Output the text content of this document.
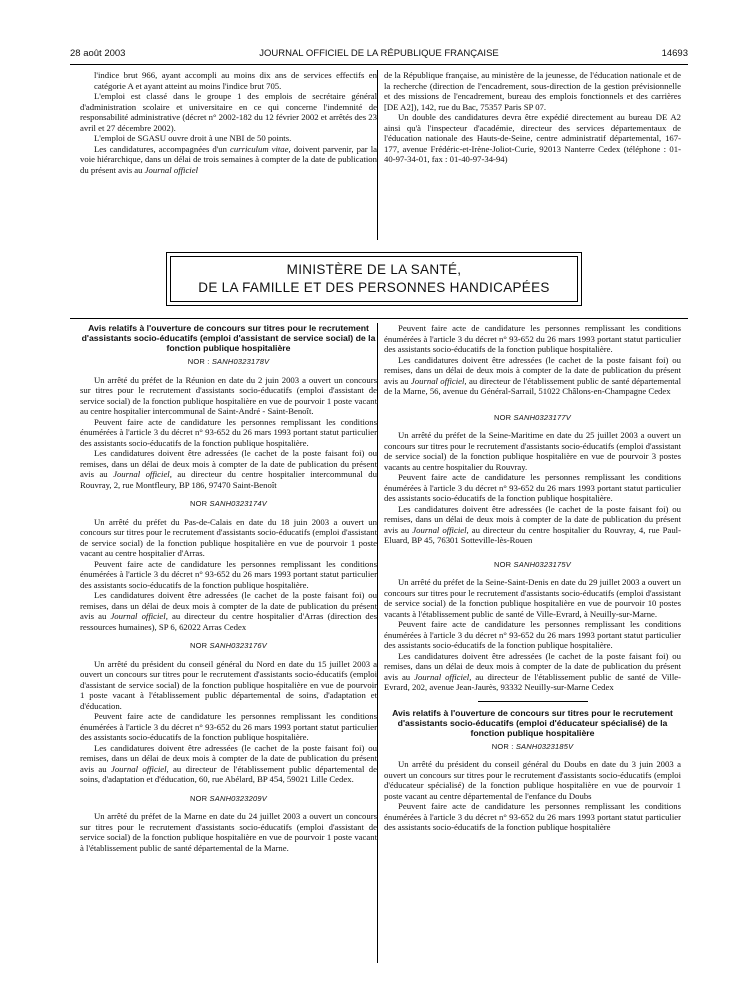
28 août 2003	JOURNAL OFFICIEL DE LA RÉPUBLIQUE FRANÇAISE	14693

l'indice brut 966, ayant accompli au moins dix ans de services effectifs en catégorie A et ayant atteint au moins l'indice brut 705.

L'emploi est classé dans le groupe 1 des emplois de secrétaire général d'administration scolaire et universitaire en ce qui concerne l'indemnité de responsabilité administrative (décret n° 2002-182 du 12 février 2002 et arrêtés des 23 avril et 27 décembre 2002).

L'emploi de SGASU ouvre droit à une NBI de 50 points.

Les candidatures, accompagnées d'un curriculum vitae, doivent parvenir, par la voie hiérarchique, dans un délai de trois semaines à compter de la date de publication du présent avis au Journal officiel

de la République française, au ministère de la jeunesse, de l'éducation nationale et de la recherche (direction de l'encadrement, sous-direction de la gestion prévisionnelle et des missions de l'encadrement, bureau des emplois fonctionnels et des carrières [DE A2]), 142, rue du Bac, 75357 Paris SP 07.

Un double des candidatures devra être expédié directement au bureau DE A2 ainsi qu'à l'inspecteur d'académie, directeur des services départementaux de l'éducation nationale des Hauts-de-Seine, centre administratif départemental, 167-177, avenue Frédéric-et-Irène-Joliot-Curie, 92013 Nanterre Cedex (téléphone : 01-40-97-34-01, fax : 01-40-97-34-94)

MINISTÈRE DE LA SANTÉ,
DE LA FAMILLE ET DES PERSONNES HANDICAPÉES
Avis relatifs à l'ouverture de concours sur titres pour le recrutement d'assistants socio-éducatifs (emploi d'assistant de service social) de la fonction publique hospitalière
NOR : SANH0323178V

Un arrêté du préfet de la Réunion en date du 2 juin 2003 a ouvert un concours sur titres pour le recrutement d'assistants socio-éducatifs (emploi d'assistant de service social) de la fonction publique hospitalière en vue de pourvoir 1 poste vacant au centre hospitalier intercommunal de Saint-André - Saint-Benoît.

Peuvent faire acte de candidature les personnes remplissant les conditions énumérées à l'article 3 du décret n° 93-652 du 26 mars 1993 portant statut particulier des assistants socio-éducatifs de la fonction publique hospitalière.

Les candidatures doivent être adressées (le cachet de la poste faisant foi) ou remises, dans un délai de deux mois à compter de la date de publication du présent avis au Journal officiel, au directeur du centre hospitalier intercommunal du Rouvray, 2, rue Montfleury, BP 186, 97470 Saint-Benoît

NOR SANH0323174V

Un arrêté du préfet du Pas-de-Calais en date du 18 juin 2003 a ouvert un concours sur titres pour le recrutement d'assistants socio-éducatifs (emploi d'assistant de service social) de la fonction publique hospitalière en vue de pourvoir 1 poste vacant au centre hospitalier d'Arras.

Peuvent faire acte de candidature les personnes remplissant les conditions énumérées à l'article 3 du décret n° 93-652 du 26 mars 1993 portant statut particulier des assistants socio-éducatifs de la fonction publique hospitalière.

Les candidatures doivent être adressées (le cachet de la poste faisant foi) ou remises, dans un délai de deux mois à compter de la date de publication du présent avis au Journal officiel, au directeur du centre hospitalier d'Arras (direction des ressources humaines), SP 6, 62022 Arras Cedex

NOR SANH0323176V

Un arrêté du président du conseil général du Nord en date du 15 juillet 2003 a ouvert un concours sur titres pour le recrutement d'assistants socio-éducatifs (emploi d'assistant de service social) de la fonction publique hospitalière en vue de pourvoir 1 poste vacant à l'établissement public départemental de soins, d'adaptation et d'éducation.

Peuvent faire acte de candidature les personnes remplissant les conditions énumérées à l'article 3 du décret n° 93-652 du 26 mars 1993 portant statut particulier des assistants socio-éducatifs de la fonction publique hospitalière.

Les candidatures doivent être adressées (le cachet de la poste faisant foi) ou remises, dans un délai de deux mois à compter de la date de publication du présent avis au Journal officiel, au directeur de l'établissement public départemental de soins, d'adaptation et d'éducation, 60, rue Abélard, BP 454, 59021 Lille Cedex.

NOR SANH0323209V

Un arrêté du préfet de la Marne en date du 24 juillet 2003 a ouvert un concours sur titres pour le recrutement d'assistants socio-éducatifs (emploi d'assistant de service social) de la fonction publique hospitalière en vue de pourvoir 1 poste vacant à l'établissement public de santé départemental de la Marne.

Peuvent faire acte de candidature les personnes remplissant les conditions énumérées à l'article 3 du décret n° 93-652 du 26 mars 1993 portant statut particulier des assistants socio-éducatifs de la fonction publique hospitalière.

Les candidatures doivent être adressées (le cachet de la poste faisant foi) ou remises, dans un délai de deux mois à compter de la date de publication du présent avis au Journal officiel, au directeur de l'établissement public de santé départemental de la Marne, 56, avenue du Général-Sarrail, 51022 Châlons-en-Champagne Cedex

NOR SANH0323177V

Un arrêté du préfet de la Seine-Maritime en date du 25 juillet 2003 a ouvert un concours sur titres pour le recrutement d'assistants socio-éducatifs (emploi d'assistant de service social) de la fonction publique hospitalière en vue de pourvoir 3 postes vacants au centre hospitalier du Rouvray.

Peuvent faire acte de candidature les personnes remplissant les conditions énumérées à l'article 3 du décret n° 93-652 du 26 mars 1993 portant statut particulier des assistants socio-éducatifs de la fonction publique hospitalière.

Les candidatures doivent être adressées (le cachet de la poste faisant foi) ou remises, dans un délai de deux mois à compter de la date de publication du présent avis au Journal officiel, au directeur du centre hospitalier du Rouvray, 4, rue Paul-Eluard, BP 45, 76301 Sotteville-lès-Rouen

NOR SANH0323175V

Un arrêté du préfet de la Seine-Saint-Denis en date du 29 juillet 2003 a ouvert un concours sur titres pour le recrutement d'assistants socio-éducatifs (emploi d'assistant de service social) de la fonction publique hospitalière en vue de pourvoir 10 postes vacants à l'établissement public de santé de Ville-Evrard, à Neuilly-sur-Marne.

Peuvent faire acte de candidature les personnes remplissant les conditions énumérées à l'article 3 du décret n° 93-652 du 26 mars 1993 portant statut particulier des assistants socio-éducatifs de la fonction publique hospitalière.

Les candidatures doivent être adressées (le cachet de la poste faisant foi) ou remises, dans un délai de deux mois à compter de la date de publication du présent avis au Journal officiel, au directeur de l'établissement public de santé de Ville-Evrard, 202, avenue Jean-Jaurès, 93332 Neuilly-sur-Marne Cedex

Avis relatifs à l'ouverture de concours sur titres pour le recrutement d'assistants socio-éducatifs (emploi d'éducateur spécialisé) de la fonction publique hospitalière
NOR : SANH0323185V

Un arrêté du président du conseil général du Doubs en date du 3 juin 2003 a ouvert un concours sur titres pour le recrutement d'assistants socio-éducatifs (emploi d'éducateur spécialisé) de la fonction publique hospitalière en vue de pourvoir 1 poste vacant au centre départemental de l'enfance du Doubs

Peuvent faire acte de candidature les personnes remplissant les conditions énumérées à l'article 3 du décret n° 93-652 du 26 mars 1993 portant statut particulier des assistants socio-éducatifs de la fonction publique hospitalière
